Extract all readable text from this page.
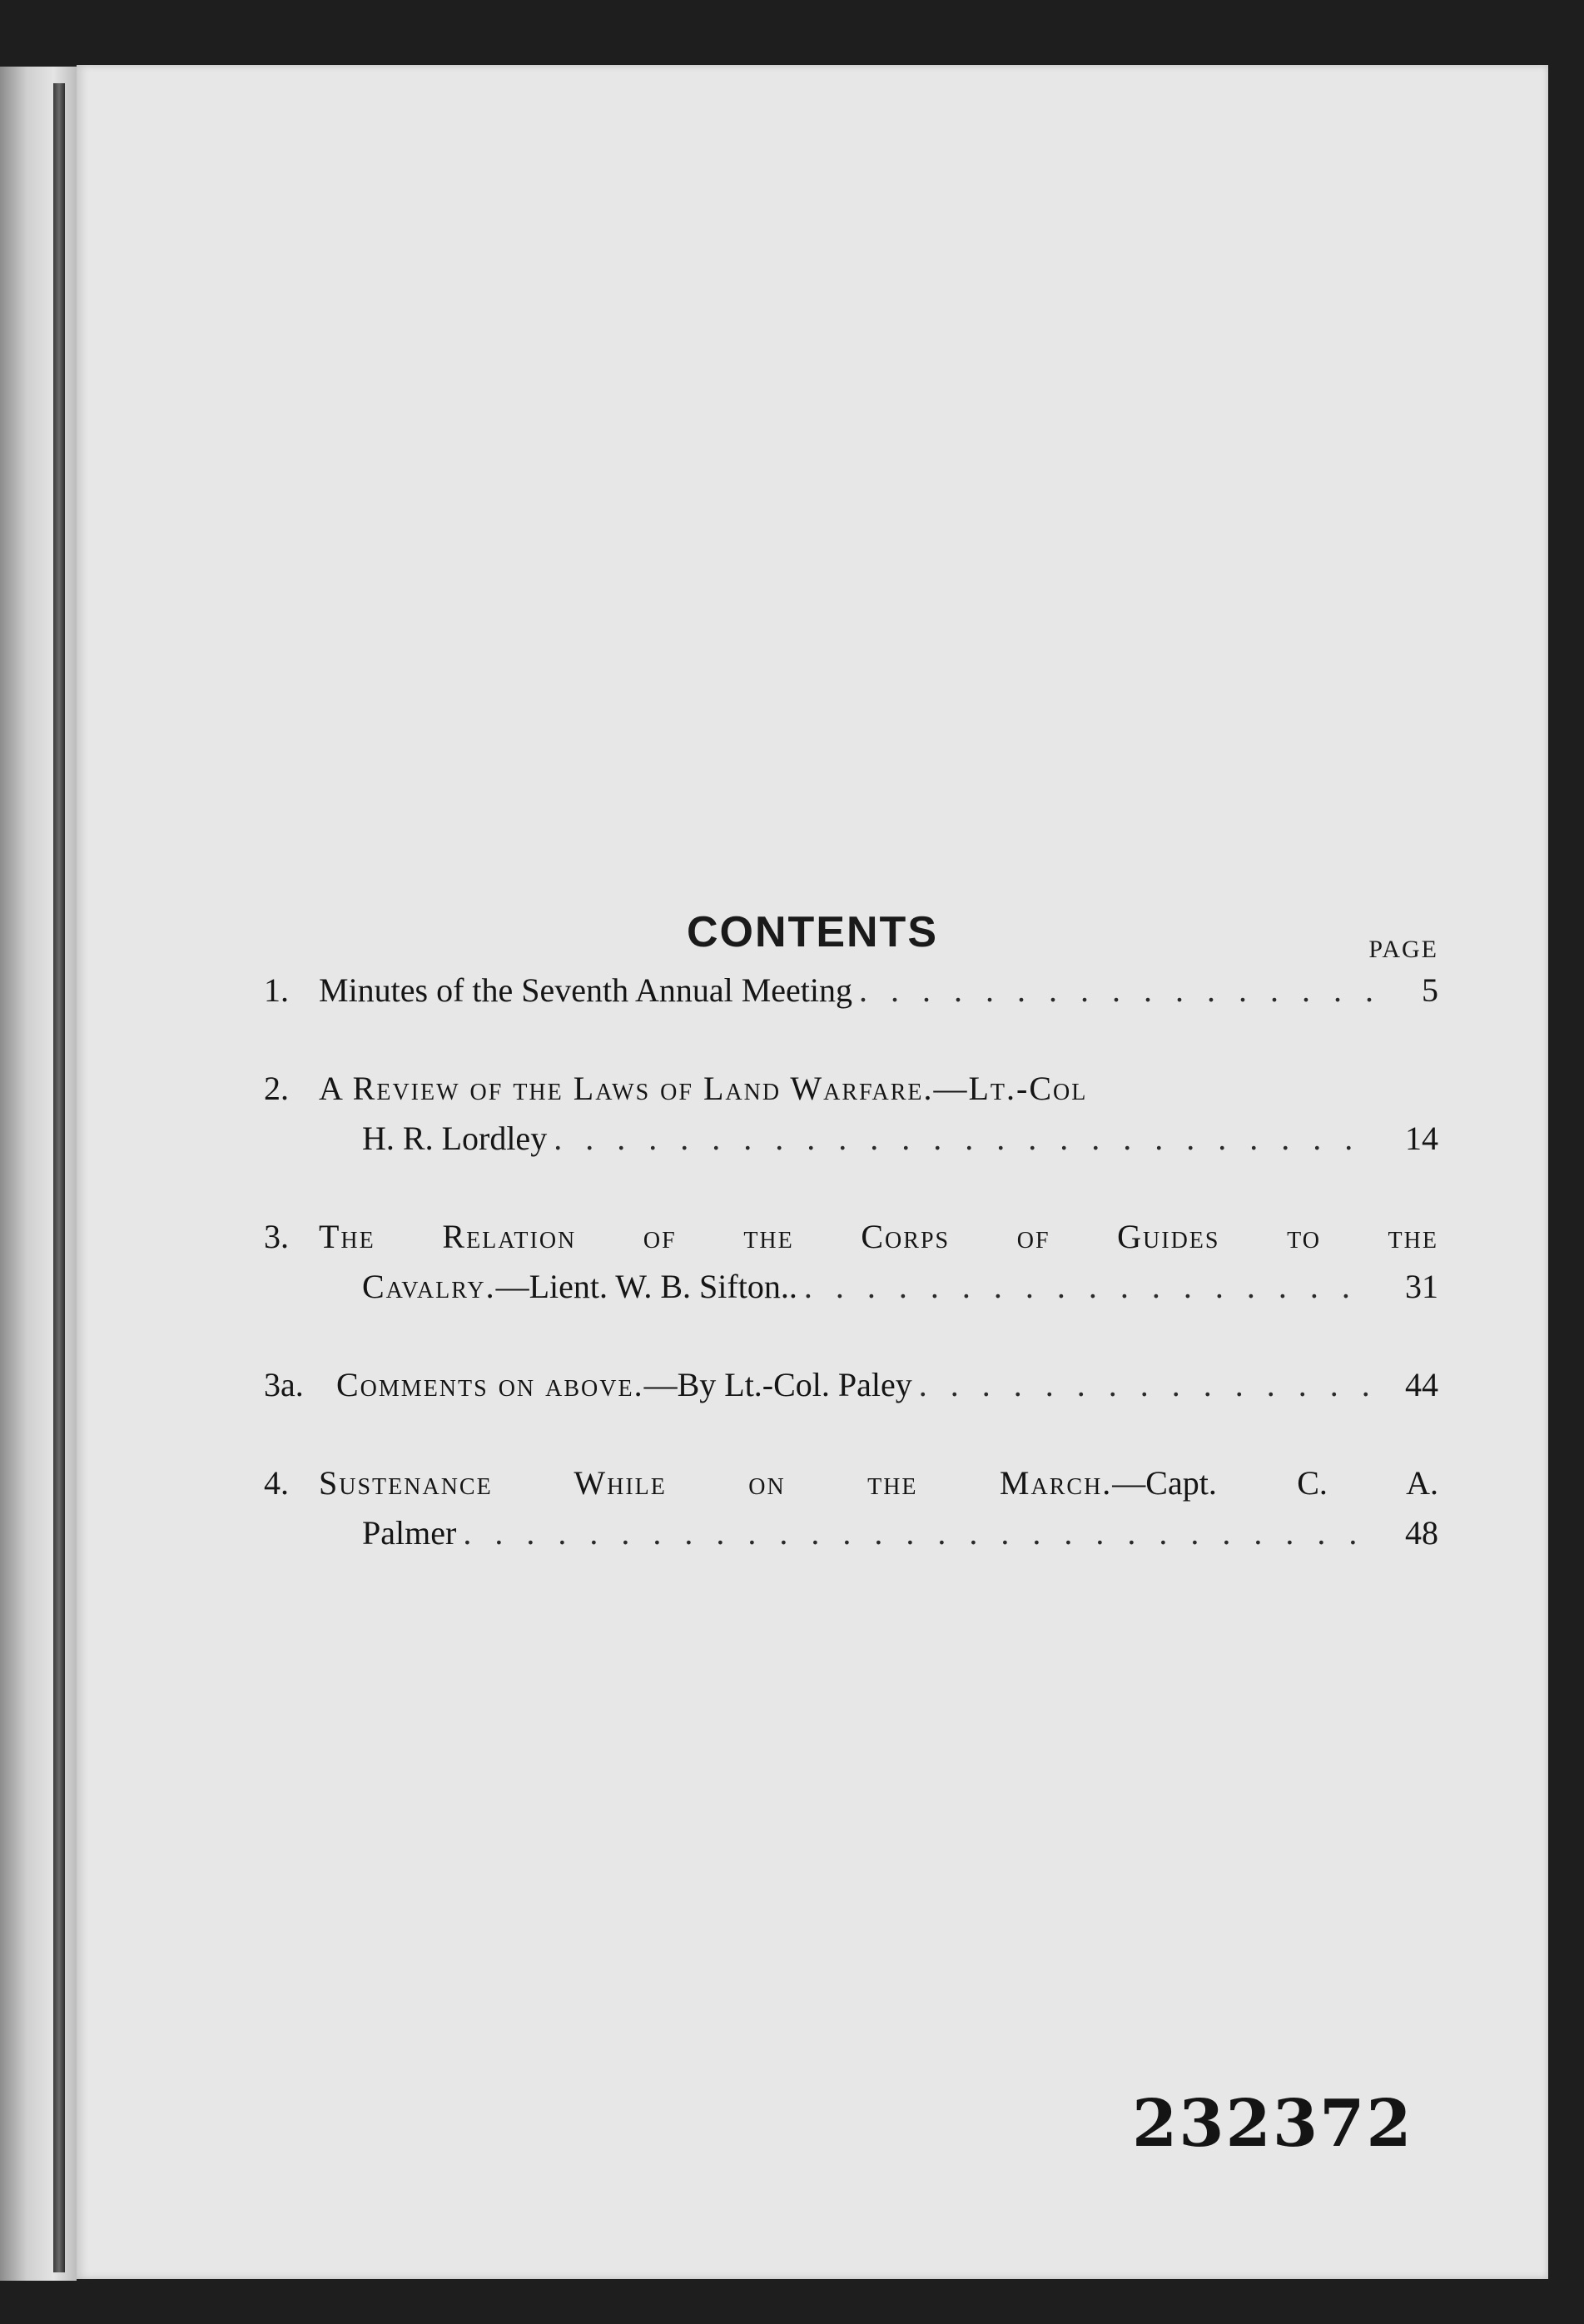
CONTENTS	PAGE
1. Minutes of the Seventh Annual Meeting . . .	5
2. A Review of the Laws of Land Warfare.—Lt.-Col
H. R. Lordley . . .	14
3. The Relation of the Corps of Guides to the
Cavalry. —Lient. W. B. Sifton.. . . .	31
3a. Comments on above. —By Lt.-Col. Paley . . .	44
4. Sustenance While on the March.—Capt. C. A.
Palmer . . .	48
232372
